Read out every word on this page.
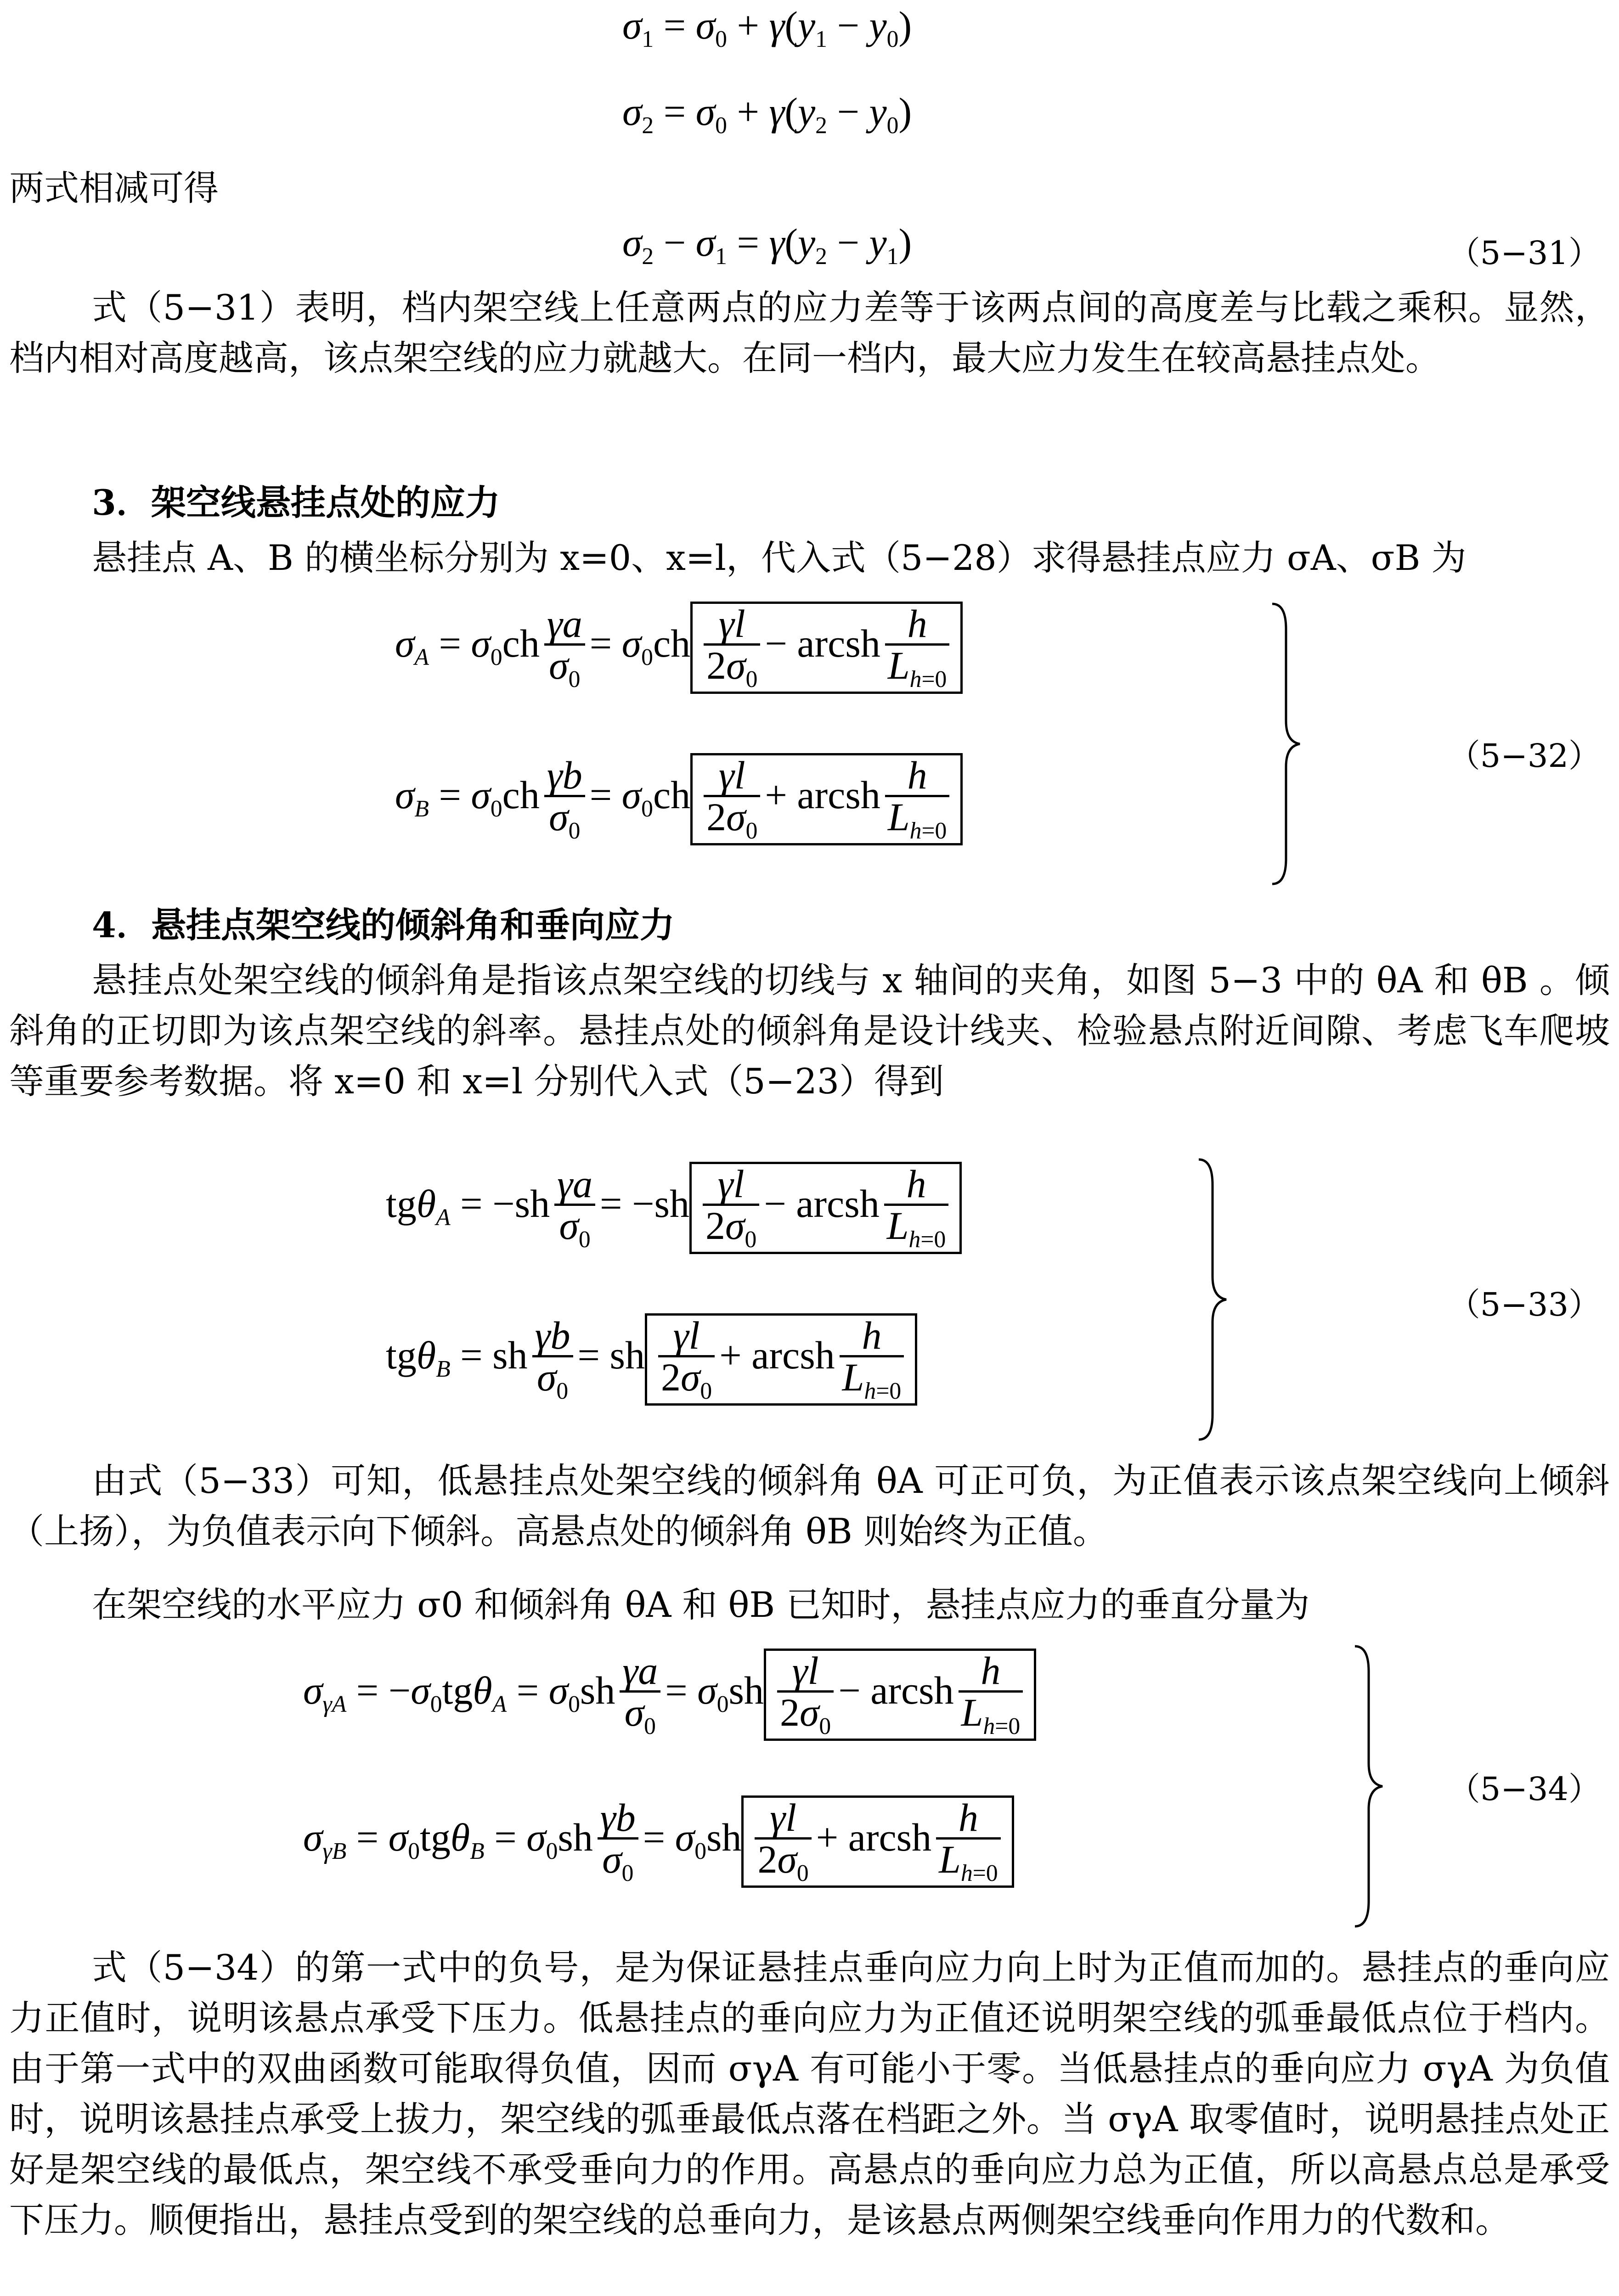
$\sigma_1 = \sigma_0 + \gamma(y_1 - y_0)$
$\sigma_2 = \sigma_0 + \gamma(y_2 - y_0)$
两式相减可得
$\sigma_2 - \sigma_1 = \gamma(y_2 - y_1)$	（5−31）
式（5−31）表明，档内架空线上任意两点的应力差等于该两点间的高度差与比载之乘积。显然，档内相对高度越高，该点架空线的应力就越大。在同一档内，最大应力发生在较高悬挂点处。
3．架空线悬挂点处的应力
悬挂点 A、B 的横坐标分别为 x=0、x=l，代入式（5−28）求得悬挂点应力 σA、σB 为
$\sigma_A = \sigma_0ch \frac{\gamma a}{\sigma_0} = \sigma_0ch \frac{\gamma l}{2\sigma_0}$ − arcsh $\frac{h}{L_{h=0}}$
$\sigma_B = \sigma_0ch \frac{\gamma b}{\sigma_0} = \sigma_0ch \frac{\gamma l}{2\sigma_0}$ + arcsh $\frac{h}{L_{h=0}}$	（5−32）
4．悬挂点架空线的倾斜角和垂向应力
悬挂点处架空线的倾斜角是指该点架空线的切线与 x 轴间的夹角，如图 5−3 中的 θA 和 θB 。倾斜角的正切即为该点架空线的斜率。悬挂点处的倾斜角是设计线夹、检验悬点附近间隙、考虑飞车爬坡等重要参考数据。将 x=0 和 x=l 分别代入式（5−23）得到
$tg\theta_A = -sh \frac{\gamma a}{\sigma_0} = -sh \frac{\gamma l}{2\sigma_0}$ − arcsh $\frac{h}{L_{h=0}}$
tgθ$_B$ = sh $\frac{\gamma b}{\sigma_0}$ = sh $\frac{\gamma l}{2\sigma_0}$ + arcsh $\frac{h}{L_{h=0}}$
（5−33）
由式（5−33）可知，低悬挂点处架空线的倾斜角 θA 可正可负，为正值表示该点架空线向上倾斜（上扬），为负值表示向下倾斜。高悬点处的倾斜角 θB 则始终为正值。
在架空线的水平应力 σ0 和倾斜角 θA 和 θB 已知时，悬挂点应力的垂直分量为
$\sigma_{\gamma A} = -\sigma_0tg\theta_A = \sigma_0sh \frac{\gamma a}{\sigma_0} = \sigma_0sh \frac{\gamma l}{2\sigma_0}$ − arcsh $\frac{h}{L_{h=0}}$
$\sigma_{\gamma B} = \sigma_0tg\theta_B = \sigma_0sh \frac{\gamma b}{\sigma_0} = \sigma_0sh \frac{\gamma l}{2\sigma_0}$ + arcsh $\frac{h}{L_{h=0}}$
（5−34）
式（5−34）的第一式中的负号，是为保证悬挂点垂向应力向上时为正值而加的。悬挂点的垂向应力正值时，说明该悬点承受下压力。低悬挂点的垂向应力为正值还说明架空线的弧垂最低点位于档内。由于第一式中的双曲函数可能取得负值，因而 σγA 有可能小于零。当低悬挂点的垂向应力 σγA 为负值时，说明该悬挂点承受上拔力，架空线的弧垂最低点落在档距之外。当 σγA 取零值时，说明悬挂点处正好是架空线的最低点，架空线不承受垂向力的作用。高悬点的垂向应力总为正值，所以高悬点总是承受下压力。顺便指出，悬挂点受到的架空线的总垂向力，是该悬点两侧架空线垂向作用力的代数和。
